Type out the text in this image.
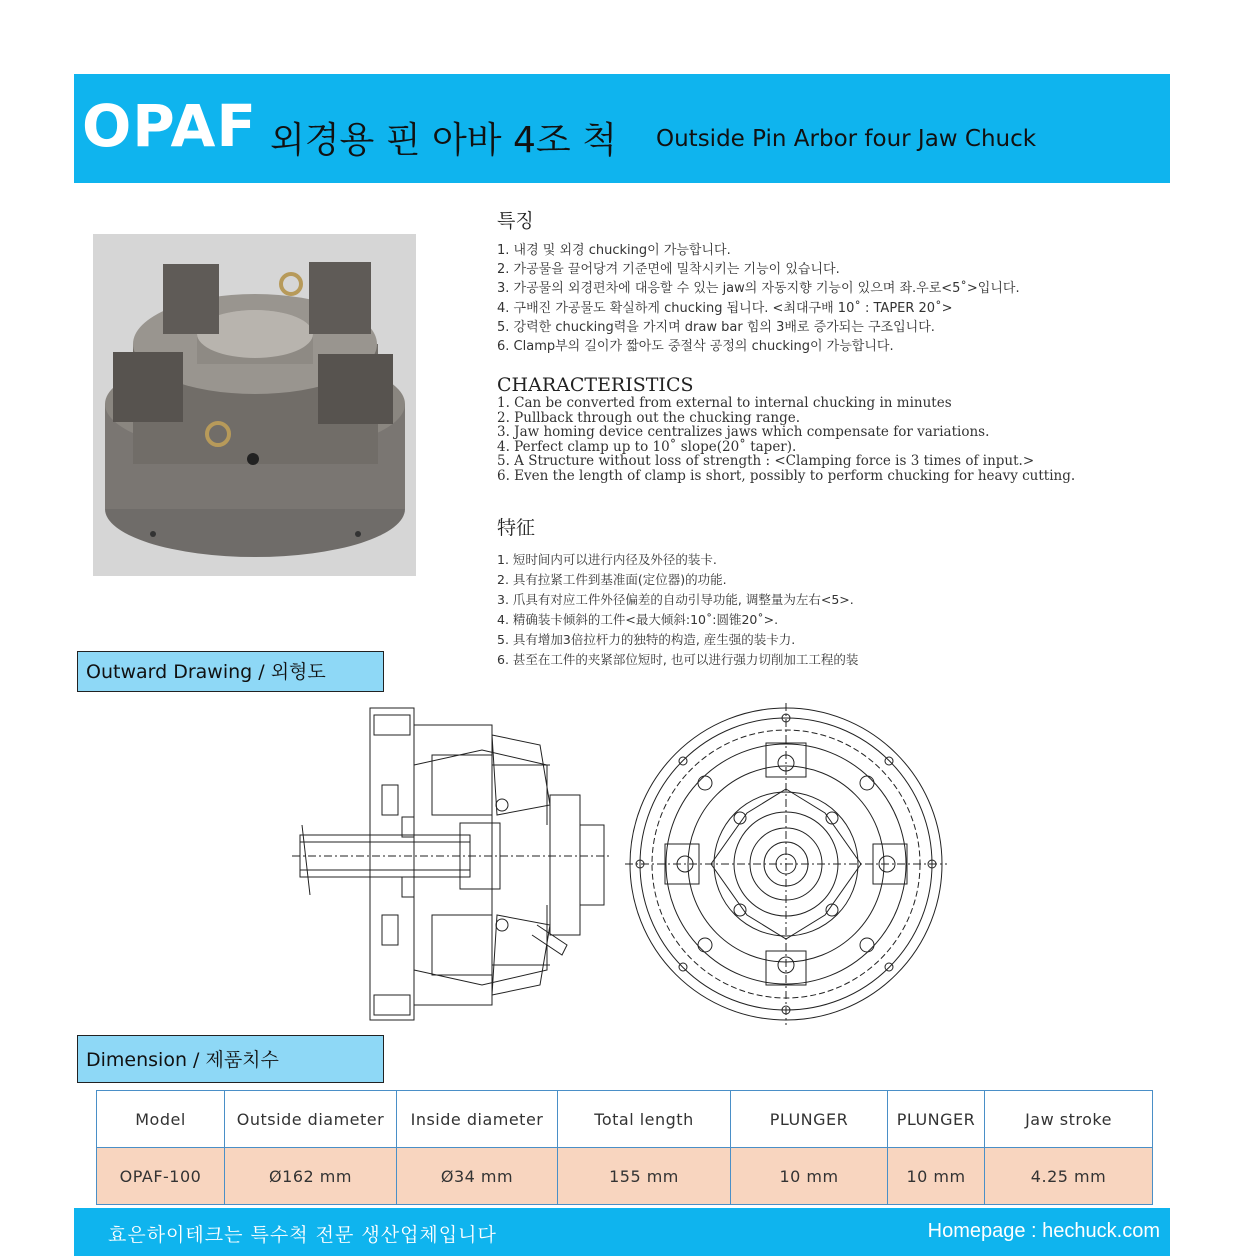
OPAF 외경용 핀 아바 4조 척 Outside Pin Arbor four Jaw Chuck
특징
1. 내경 및 외경 chucking이 가능합니다.
2. 가공물을 끌어당겨 기준면에 밀착시키는 기능이 있습니다.
3. 가공물의 외경편차에 대응할 수 있는 jaw의 자동지향 기능이 있으며 좌.우로<5˚>입니다.
4. 구배진 가공물도 확실하게 chucking 됩니다. <최대구배 10˚ : TAPER 20˚>
5. 강력한 chucking력을 가지며 draw bar 힘의 3배로 증가되는 구조입니다.
6. Clamp부의 길이가 짧아도 중절삭 공정의 chucking이 가능합니다.
CHARACTERISTICS
1. Can be converted from external to internal chucking in minutes
2. Pullback through out the chucking range.
3. Jaw homing device centralizes jaws which compensate for variations.
4. Perfect clamp up to 10˚ slope(20˚ taper).
5. A Structure without loss of strength : <Clamping force is 3 times of input.>
6. Even the length of clamp is short, possibly to perform chucking for heavy cutting.
特征
1. 短时间内可以进行内径及外径的装卡.
2. 具有拉紧工件到基准面(定位器)的功能.
3. 爪具有对应工件外径偏差的自动引导功能, 调整量为左右<5>.
4. 精确装卡倾斜的工件<最大倾斜:10˚:圆锥20˚>.
5. 具有增加3倍拉杆力的独特的构造, 産生强的装卡力.
6. 甚至在工件的夹紧部位短时, 也可以进行强力切削加工工程的装
Outward Drawing / 외형도
Dimension / 제품치수
Model	Outside diameter	Inside diameter	Total length	PLUNGER	PLUNGER	Jaw stroke
OPAF-100	Ø162 mm	Ø34 mm	155 mm	10 mm	10 mm	4.25 mm
효은하이테크는 특수척 전문 생산업체입니다	Homepage : hechuck.com
